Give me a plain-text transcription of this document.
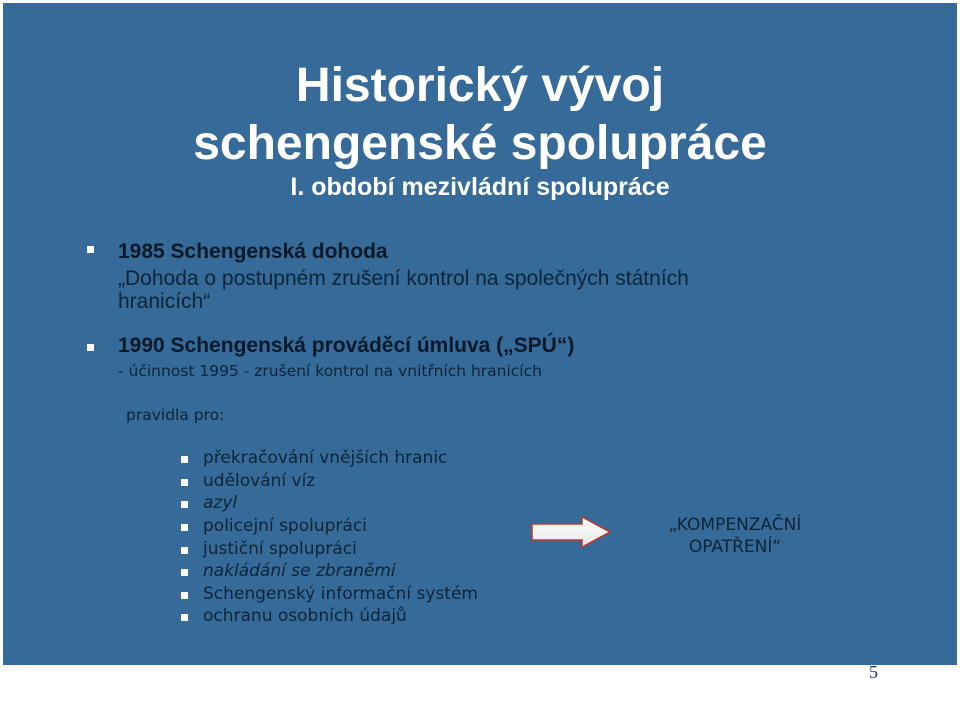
Historický vývoj
schengenské spolupráce
I. období mezivládní spolupráce
1985 Schengenská dohoda
„Dohoda o postupném zrušení kontrol na společných státních
hranicích“
1990 Schengenská prováděcí úmluva („SPÚ“)
- účinnost 1995 - zrušení kontrol na vnitřních hranicích
pravidla pro:
překračování vnějších hranic
udělování víz
azyl
policejní spolupráci
justiční spolupráci
nakládání se zbraněmi
Schengenský informační systém
ochranu osobních údajů
„KOMPENZAČNÍ
OPATŘENÍ“
5
